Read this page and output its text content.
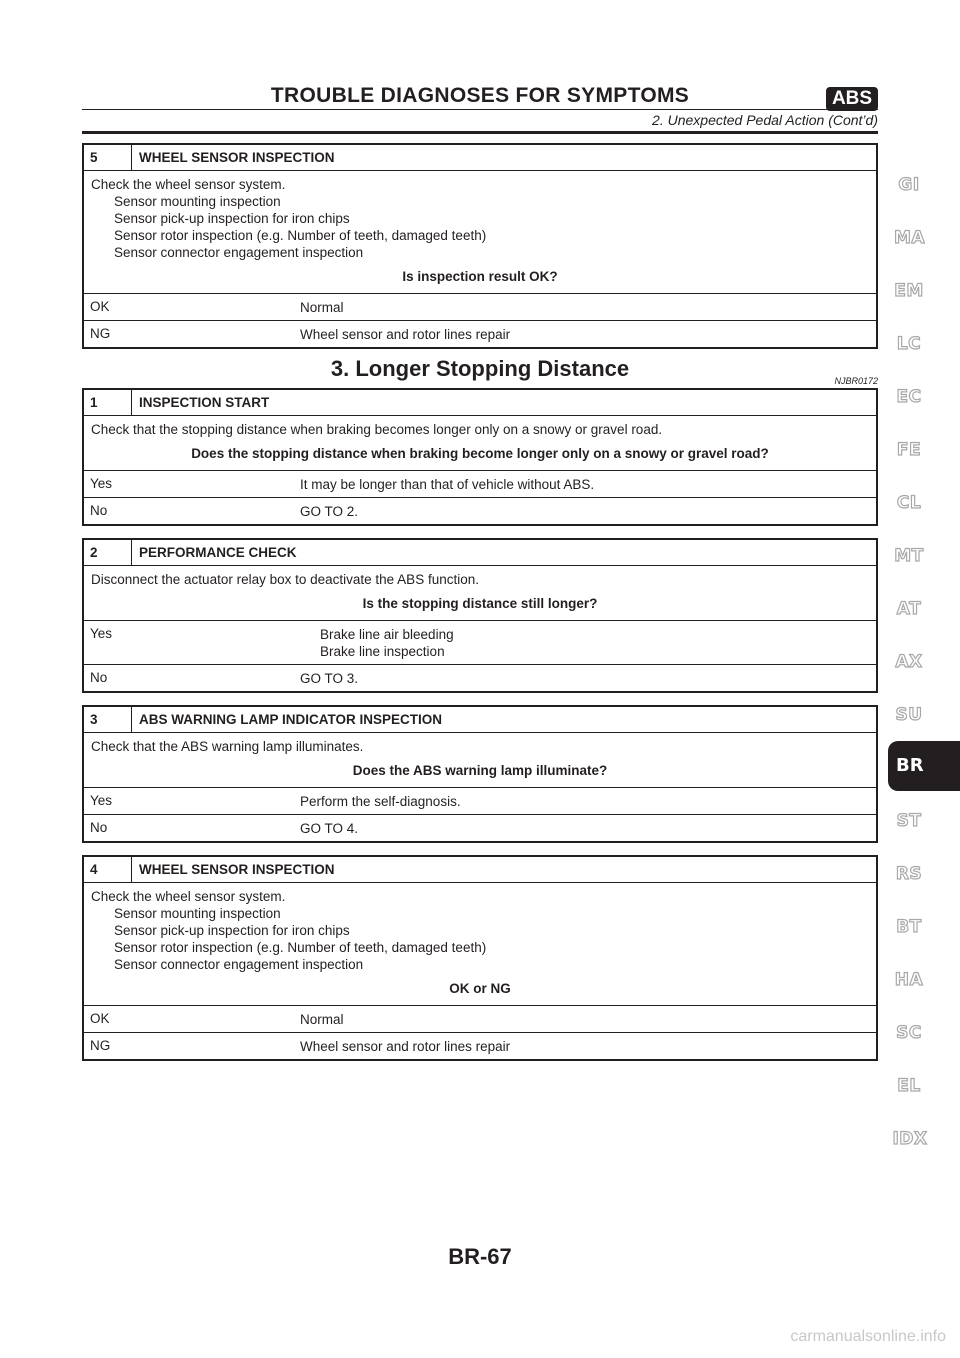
TROUBLE DIAGNOSES FOR SYMPTOMS	ABS
2. Unexpected Pedal Action (Cont’d)
5	WHEEL SENSOR INSPECTION
Check the wheel sensor system.
Sensor mounting inspection
Sensor pick-up inspection for iron chips
Sensor rotor inspection (e.g. Number of teeth, damaged teeth)
Sensor connector engagement inspection
Is inspection result OK?
OK	Normal
NG	Wheel sensor and rotor lines repair
3. Longer Stopping Distance	NJBR0172
1	INSPECTION START
Check that the stopping distance when braking becomes longer only on a snowy or gravel road.
Does the stopping distance when braking become longer only on a snowy or gravel road?
Yes	It may be longer than that of vehicle without ABS.
No	GO TO 2.
2	PERFORMANCE CHECK
Disconnect the actuator relay box to deactivate the ABS function.
Is the stopping distance still longer?
Yes	Brake line air bleeding
Brake line inspection
No	GO TO 3.
3	ABS WARNING LAMP INDICATOR INSPECTION
Check that the ABS warning lamp illuminates.
Does the ABS warning lamp illuminate?
Yes	Perform the self-diagnosis.
No	GO TO 4.
4	WHEEL SENSOR INSPECTION
Check the wheel sensor system.
Sensor mounting inspection
Sensor pick-up inspection for iron chips
Sensor rotor inspection (e.g. Number of teeth, damaged teeth)
Sensor connector engagement inspection
OK or NG
OK	Normal
NG	Wheel sensor and rotor lines repair
GI
MA
EM
LC
EC
FE
CL
MT
AT
AX
SU
BR
ST
RS
BT
HA
SC
EL
IDX
BR-67
carmanualsonline.info
